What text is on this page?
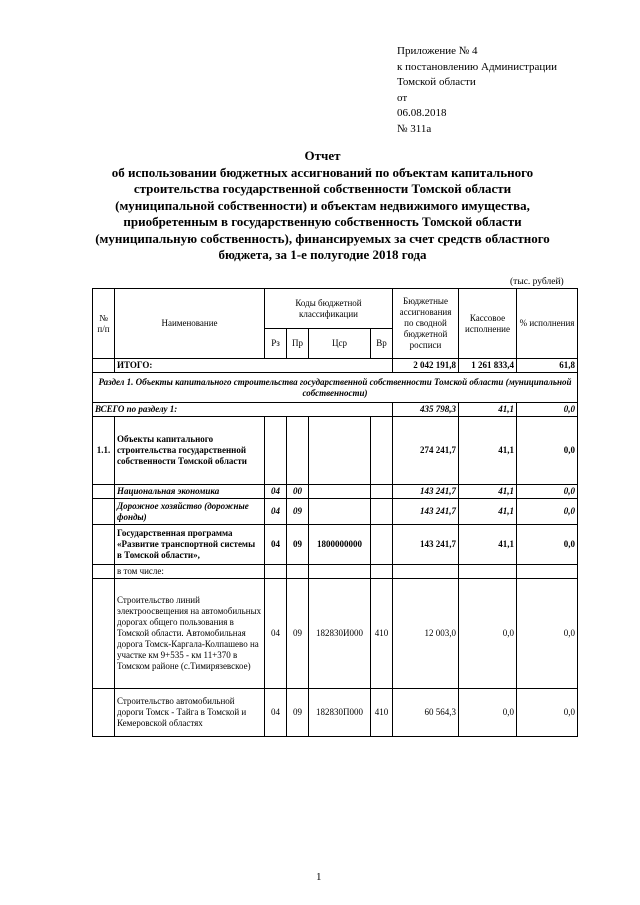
Приложение № 4
к постановлению Администрации
Томской области
от
06.08.2018
№ 311а
Отчет
об использовании бюджетных ассигнований по объектам капитального
строительства государственной собственности Томской области
(муниципальной собственности) и объектам недвижимого имущества,
приобретенным в государственную собственность Томской области
(муниципальную собственность), финансируемых за счет средств областного
бюджета, за 1-е полугодие 2018 года
(тыс. рублей)
№ п/п	Наименование	Коды бюджетной классификации				Бюджетные ассигнования по сводной бюджетной росписи	Кассовое исполнение	% исполнения
		Рз	Пр	Цср	Вр			
	ИТОГО:					2 042 191,8	1 261 833,4	61,8
Раздел 1. Объекты капитального строительства государственной собственности Томской области (муниципальной собственности)								
ВСЕГО по разделу 1:						435 798,3	41,1	0,0
1.1.	Объекты капитального строительства государственной собственности Томской области					274 241,7	41,1	0,0
	Национальная экономика	04	00			143 241,7	41,1	0,0
	Дорожное хозяйство (дорожные фонды)	04	09			143 241,7	41,1	0,0
	Государственная программа «Развитие транспортной системы в Томской области»,	04	09	1800000000		143 241,7	41,1	0,0
	в том числе:							
	Строительство линий электроосвещения на автомобильных дорогах общего пользования в Томской области. Автомобильная дорога Томск-Каргала-Колпашево на участке км 9+535 - км 11+370 в Томском районе (с.Тимирязевское)	04	09	182830И000	410	12 003,0	0,0	0,0
	Строительство автомобильной дороги Томск - Тайга в Томской и Кемеровской областях	04	09	182830П000	410	60 564,3	0,0	0,0
1
